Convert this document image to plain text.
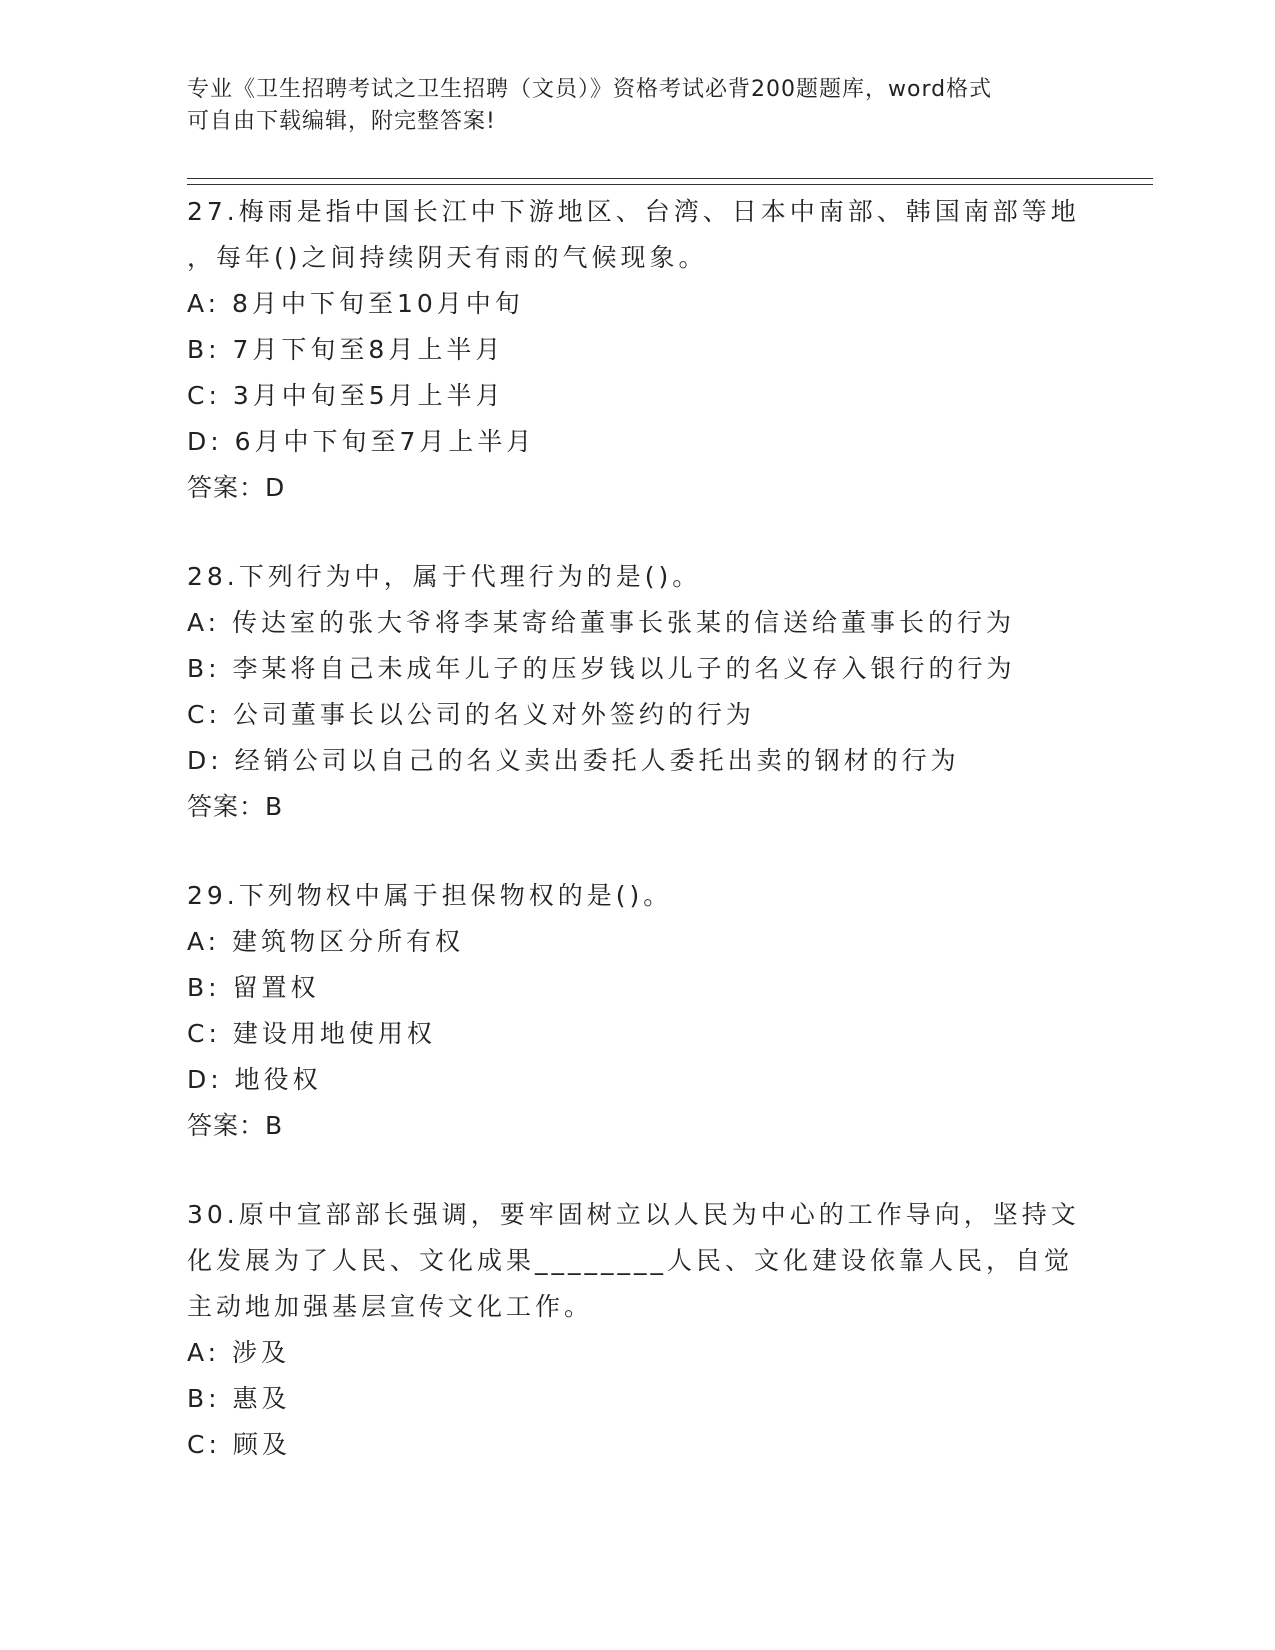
专业《卫生招聘考试之卫生招聘（文员）》资格考试必背200题题库，word格式
可自由下载编辑，附完整答案!

27.梅雨是指中国长江中下游地区、台湾、日本中南部、韩国南部等地

，每年()之间持续阴天有雨的气候现象。

A: 8月中下旬至10月中旬

B: 7月下旬至8月上半月

C: 3月中旬至5月上半月

D: 6月中下旬至7月上半月

答案：D

28.下列行为中，属于代理行为的是()。

A: 传达室的张大爷将李某寄给董事长张某的信送给董事长的行为

B: 李某将自己未成年儿子的压岁钱以儿子的名义存入银行的行为

C: 公司董事长以公司的名义对外签约的行为

D: 经销公司以自己的名义卖出委托人委托出卖的钢材的行为

答案：B

29.下列物权中属于担保物权的是()。

A: 建筑物区分所有权

B: 留置权

C: 建设用地使用权

D: 地役权

答案：B

30.原中宣部部长强调，要牢固树立以人民为中心的工作导向，坚持文

化发展为了人民、文化成果________人民、文化建设依靠人民，自觉

主动地加强基层宣传文化工作。

A: 涉及

B: 惠及

C: 顾及
